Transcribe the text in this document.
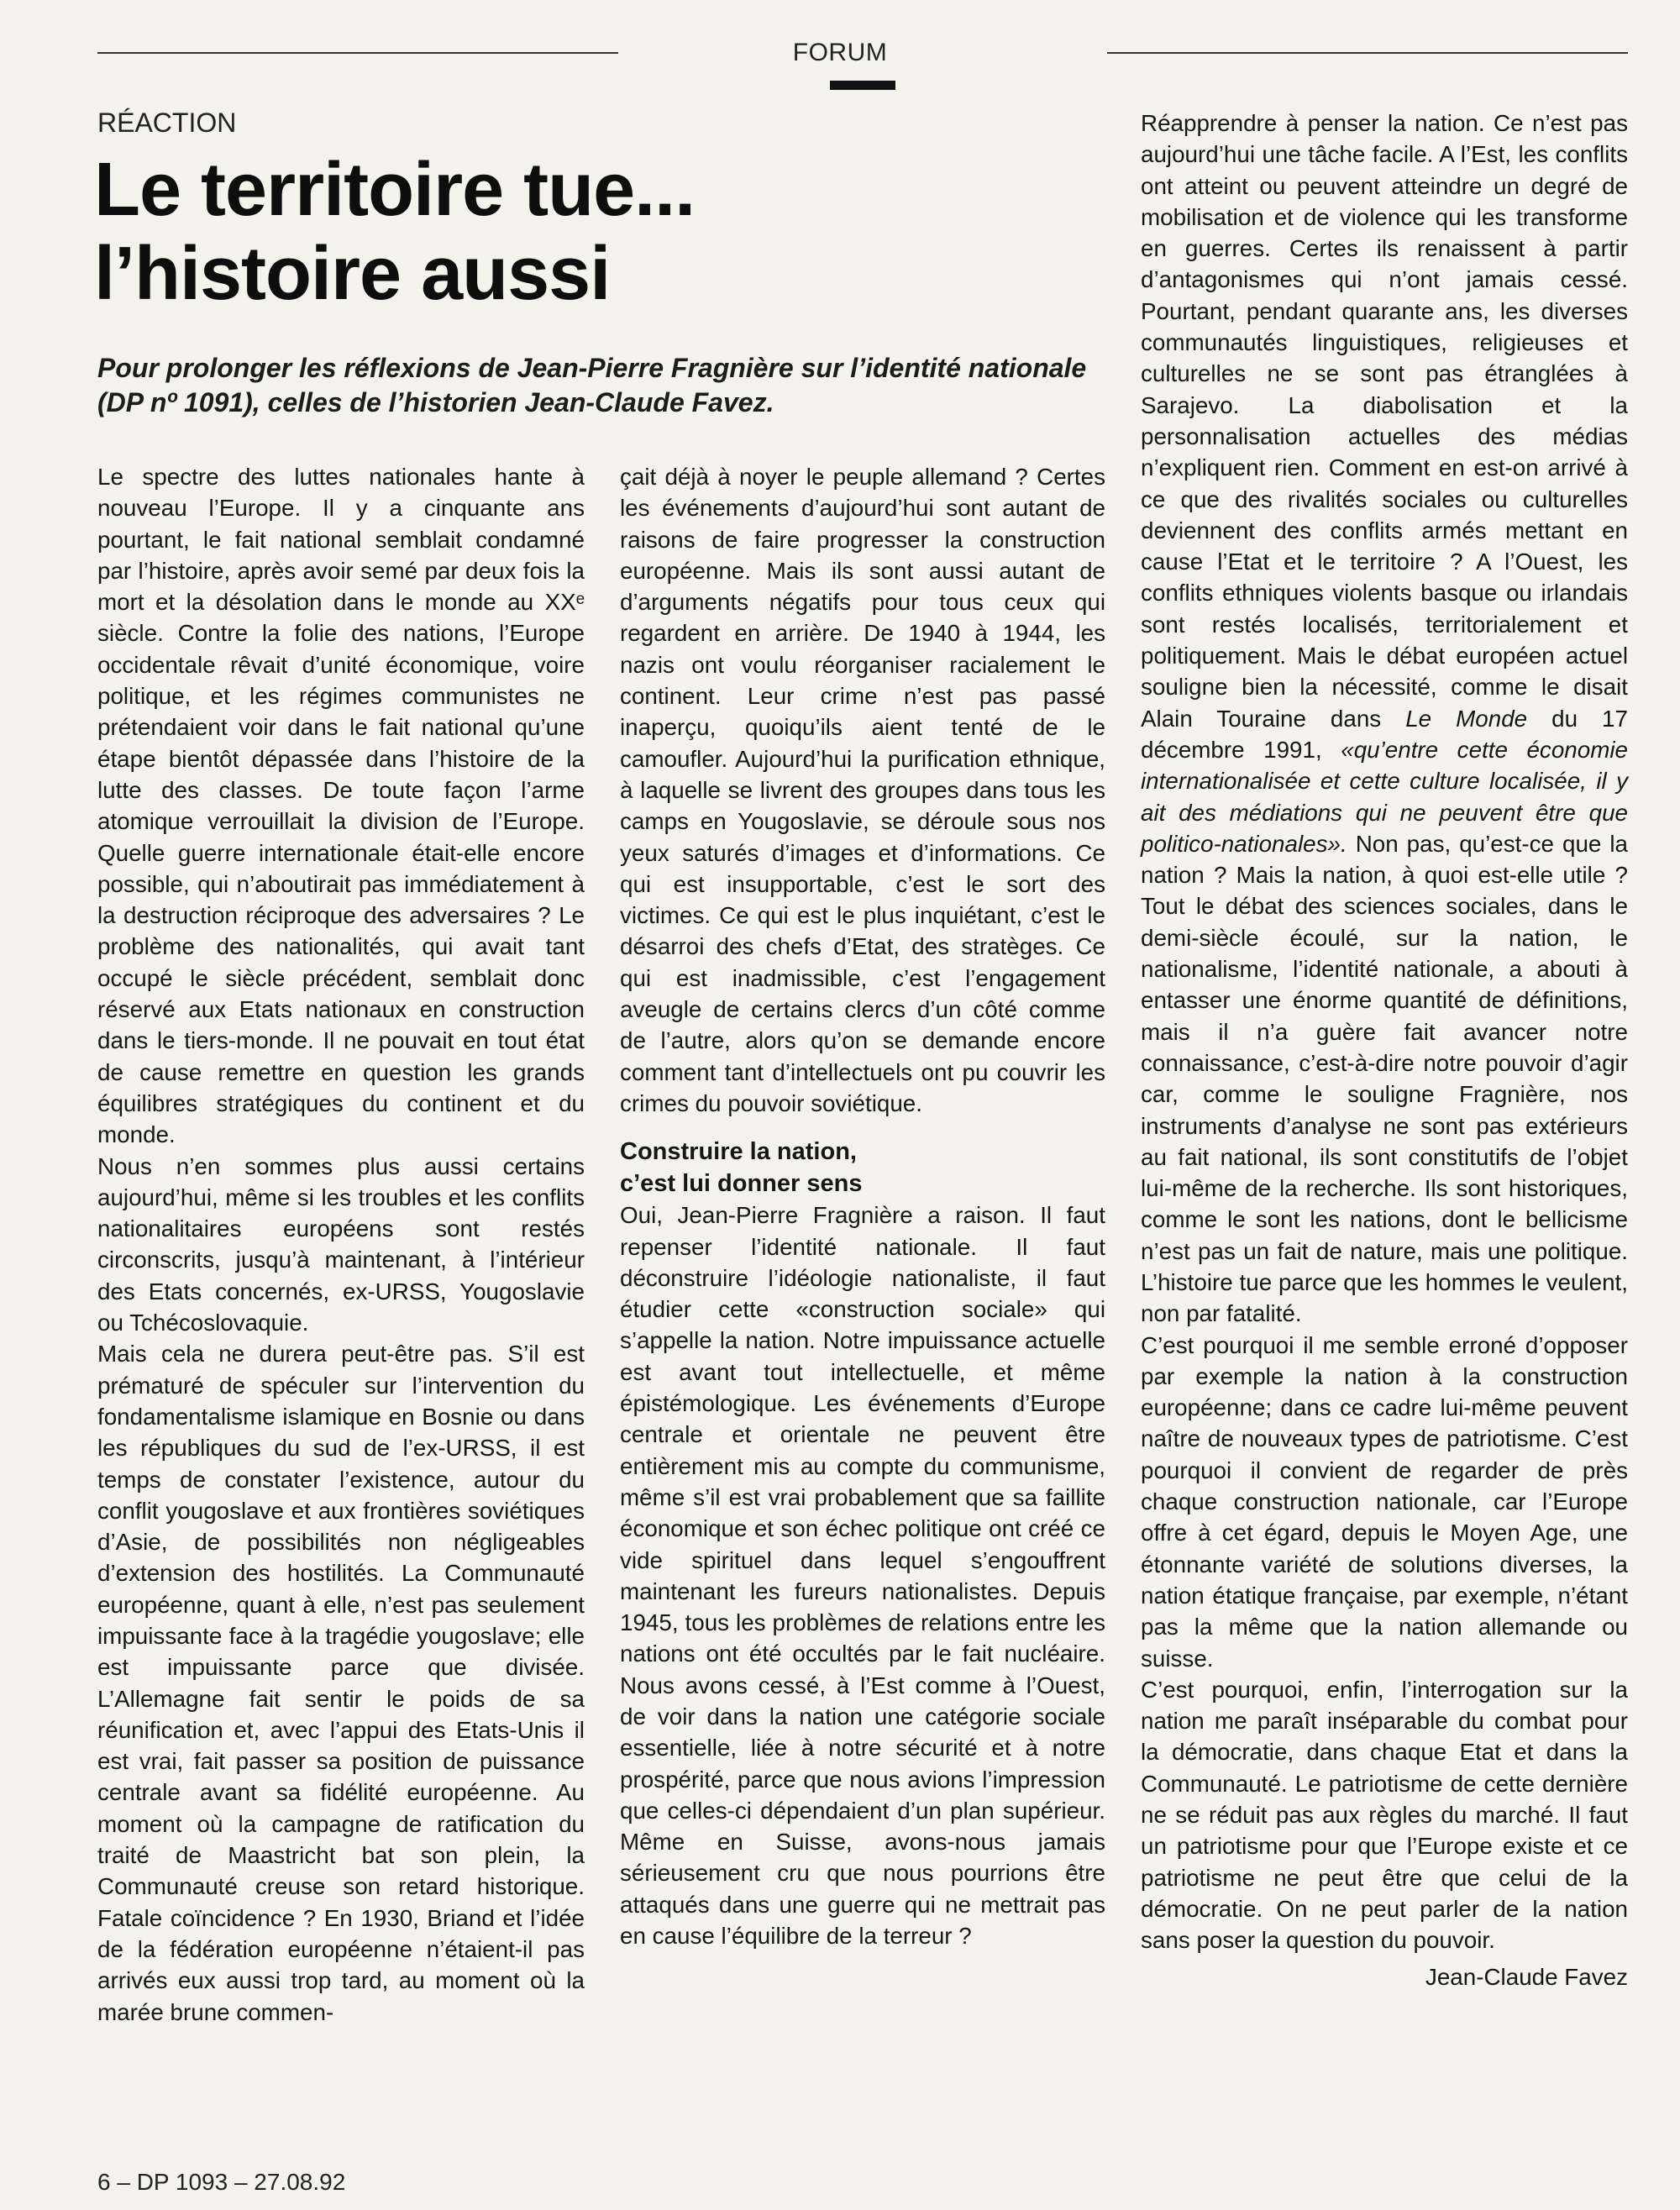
FORUM
RÉACTION
Le territoire tue...
l’histoire aussi

Pour prolonger les réflexions de Jean-Pierre Fragnière sur l’identité nationale (DP nº 1091), celles de l’historien Jean-Claude Favez.

Le spectre des luttes nationales hante à nouveau l’Europe. Il y a cinquante ans pourtant, le fait national semblait condamné par l’histoire, après avoir semé par deux fois la mort et la désolation dans le monde au XXᵉ siècle. Contre la folie des nations, l’Europe occidentale rêvait d’unité économique, voire politique, et les régimes communistes ne prétendaient voir dans le fait national qu’une étape bientôt dépassée dans l’histoire de la lutte des classes. De toute façon l’arme atomique verrouillait la division de l’Europe. Quelle guerre internationale était-elle encore possible, qui n’aboutirait pas immédiatement à la destruction réciproque des adversaires ? Le problème des nationalités, qui avait tant occupé le siècle précédent, semblait donc réservé aux Etats nationaux en construction dans le tiers-monde. Il ne pouvait en tout état de cause remettre en question les grands équilibres stratégiques du continent et du monde.

Nous n’en sommes plus aussi certains aujourd’hui, même si les troubles et les conflits nationalitaires européens sont restés circonscrits, jusqu’à maintenant, à l’intérieur des Etats concernés, ex-URSS, Yougoslavie ou Tchécoslovaquie.

Mais cela ne durera peut-être pas. S’il est prématuré de spéculer sur l’intervention du fondamentalisme islamique en Bosnie ou dans les républiques du sud de l’ex-URSS, il est temps de constater l’existence, autour du conflit yougoslave et aux frontières soviétiques d’Asie, de possibilités non négligeables d’extension des hostilités. La Communauté européenne, quant à elle, n’est pas seulement impuissante face à la tragédie yougoslave; elle est impuissante parce que divisée. L’Allemagne fait sentir le poids de sa réunification et, avec l’appui des Etats-Unis il est vrai, fait passer sa position de puissance centrale avant sa fidélité européenne. Au moment où la campagne de ratification du traité de Maastricht bat son plein, la Communauté creuse son retard historique. Fatale coïncidence ? En 1930, Briand et l’idée de la fédération européenne n’étaient-il pas arrivés eux aussi trop tard, au moment où la marée brune commen-

çait déjà à noyer le peuple allemand ? Certes les événements d’aujourd’hui sont autant de raisons de faire progresser la construction européenne. Mais ils sont aussi autant de d’arguments négatifs pour tous ceux qui regardent en arrière. De 1940 à 1944, les nazis ont voulu réorganiser racialement le continent. Leur crime n’est pas passé inaperçu, quoiqu’ils aient tenté de le camoufler. Aujourd’hui la purification ethnique, à laquelle se livrent des groupes dans tous les camps en Yougoslavie, se déroule sous nos yeux saturés d’images et d’informations. Ce qui est insupportable, c’est le sort des victimes. Ce qui est le plus inquiétant, c’est le désarroi des chefs d’Etat, des stratèges. Ce qui est inadmissible, c’est l’engagement aveugle de certains clercs d’un côté comme de l’autre, alors qu’on se demande encore comment tant d’intellectuels ont pu couvrir les crimes du pouvoir soviétique.

Construire la nation,
c’est lui donner sens

Oui, Jean-Pierre Fragnière a raison. Il faut repenser l’identité nationale. Il faut déconstruire l’idéologie nationaliste, il faut étudier cette «construction sociale» qui s’appelle la nation. Notre impuissance actuelle est avant tout intellectuelle, et même épistémologique. Les événements d’Europe centrale et orientale ne peuvent être entièrement mis au compte du communisme, même s’il est vrai probablement que sa faillite économique et son échec politique ont créé ce vide spirituel dans lequel s’engouffrent maintenant les fureurs nationalistes. Depuis 1945, tous les problèmes de relations entre les nations ont été occultés par le fait nucléaire. Nous avons cessé, à l’Est comme à l’Ouest, de voir dans la nation une catégorie sociale essentielle, liée à notre sécurité et à notre prospérité, parce que nous avions l’impression que celles-ci dépendaient d’un plan supérieur. Même en Suisse, avons-nous jamais sérieusement cru que nous pourrions être attaqués dans une guerre qui ne mettrait pas en cause l’équilibre de la terreur ?

Réapprendre à penser la nation. Ce n’est pas aujourd’hui une tâche facile. A l’Est, les conflits ont atteint ou peuvent atteindre un degré de mobilisation et de violence qui les transforme en guerres. Certes ils renaissent à partir d’antagonismes qui n’ont jamais cessé. Pourtant, pendant quarante ans, les diverses communautés linguistiques, religieuses et culturelles ne se sont pas étranglées à Sarajevo. La diabolisation et la personnalisation actuelles des médias n’expliquent rien. Comment en est-on arrivé à ce que des rivalités sociales ou culturelles deviennent des conflits armés mettant en cause l’Etat et le territoire ? A l’Ouest, les conflits ethniques violents basque ou irlandais sont restés localisés, territorialement et politiquement. Mais le débat européen actuel souligne bien la nécessité, comme le disait Alain Touraine dans Le Monde du 17 décembre 1991, «qu’entre cette économie internationalisée et cette culture localisée, il y ait des médiations qui ne peuvent être que politico-nationales». Non pas, qu’est-ce que la nation ? Mais la nation, à quoi est-elle utile ? Tout le débat des sciences sociales, dans le demi-siècle écoulé, sur la nation, le nationalisme, l’identité nationale, a abouti à entasser une énorme quantité de définitions, mais il n’a guère fait avancer notre connaissance, c’est-à-dire notre pouvoir d’agir car, comme le souligne Fragnière, nos instruments d’analyse ne sont pas extérieurs au fait national, ils sont constitutifs de l’objet lui-même de la recherche. Ils sont historiques, comme le sont les nations, dont le bellicisme n’est pas un fait de nature, mais une politique. L’histoire tue parce que les hommes le veulent, non par fatalité.

C’est pourquoi il me semble erroné d’opposer par exemple la nation à la construction européenne; dans ce cadre lui-même peuvent naître de nouveaux types de patriotisme. C’est pourquoi il convient de regarder de près chaque construction nationale, car l’Europe offre à cet égard, depuis le Moyen Age, une étonnante variété de solutions diverses, la nation étatique française, par exemple, n’étant pas la même que la nation allemande ou suisse.

C’est pourquoi, enfin, l’interrogation sur la nation me paraît inséparable du combat pour la démocratie, dans chaque Etat et dans la Communauté. Le patriotisme de cette dernière ne se réduit pas aux règles du marché. Il faut un patriotisme pour que l’Europe existe et ce patriotisme ne peut être que celui de la démocratie. On ne peut parler de la nation sans poser la question du pouvoir.

Jean-Claude Favez

6 – DP 1093 – 27.08.92
